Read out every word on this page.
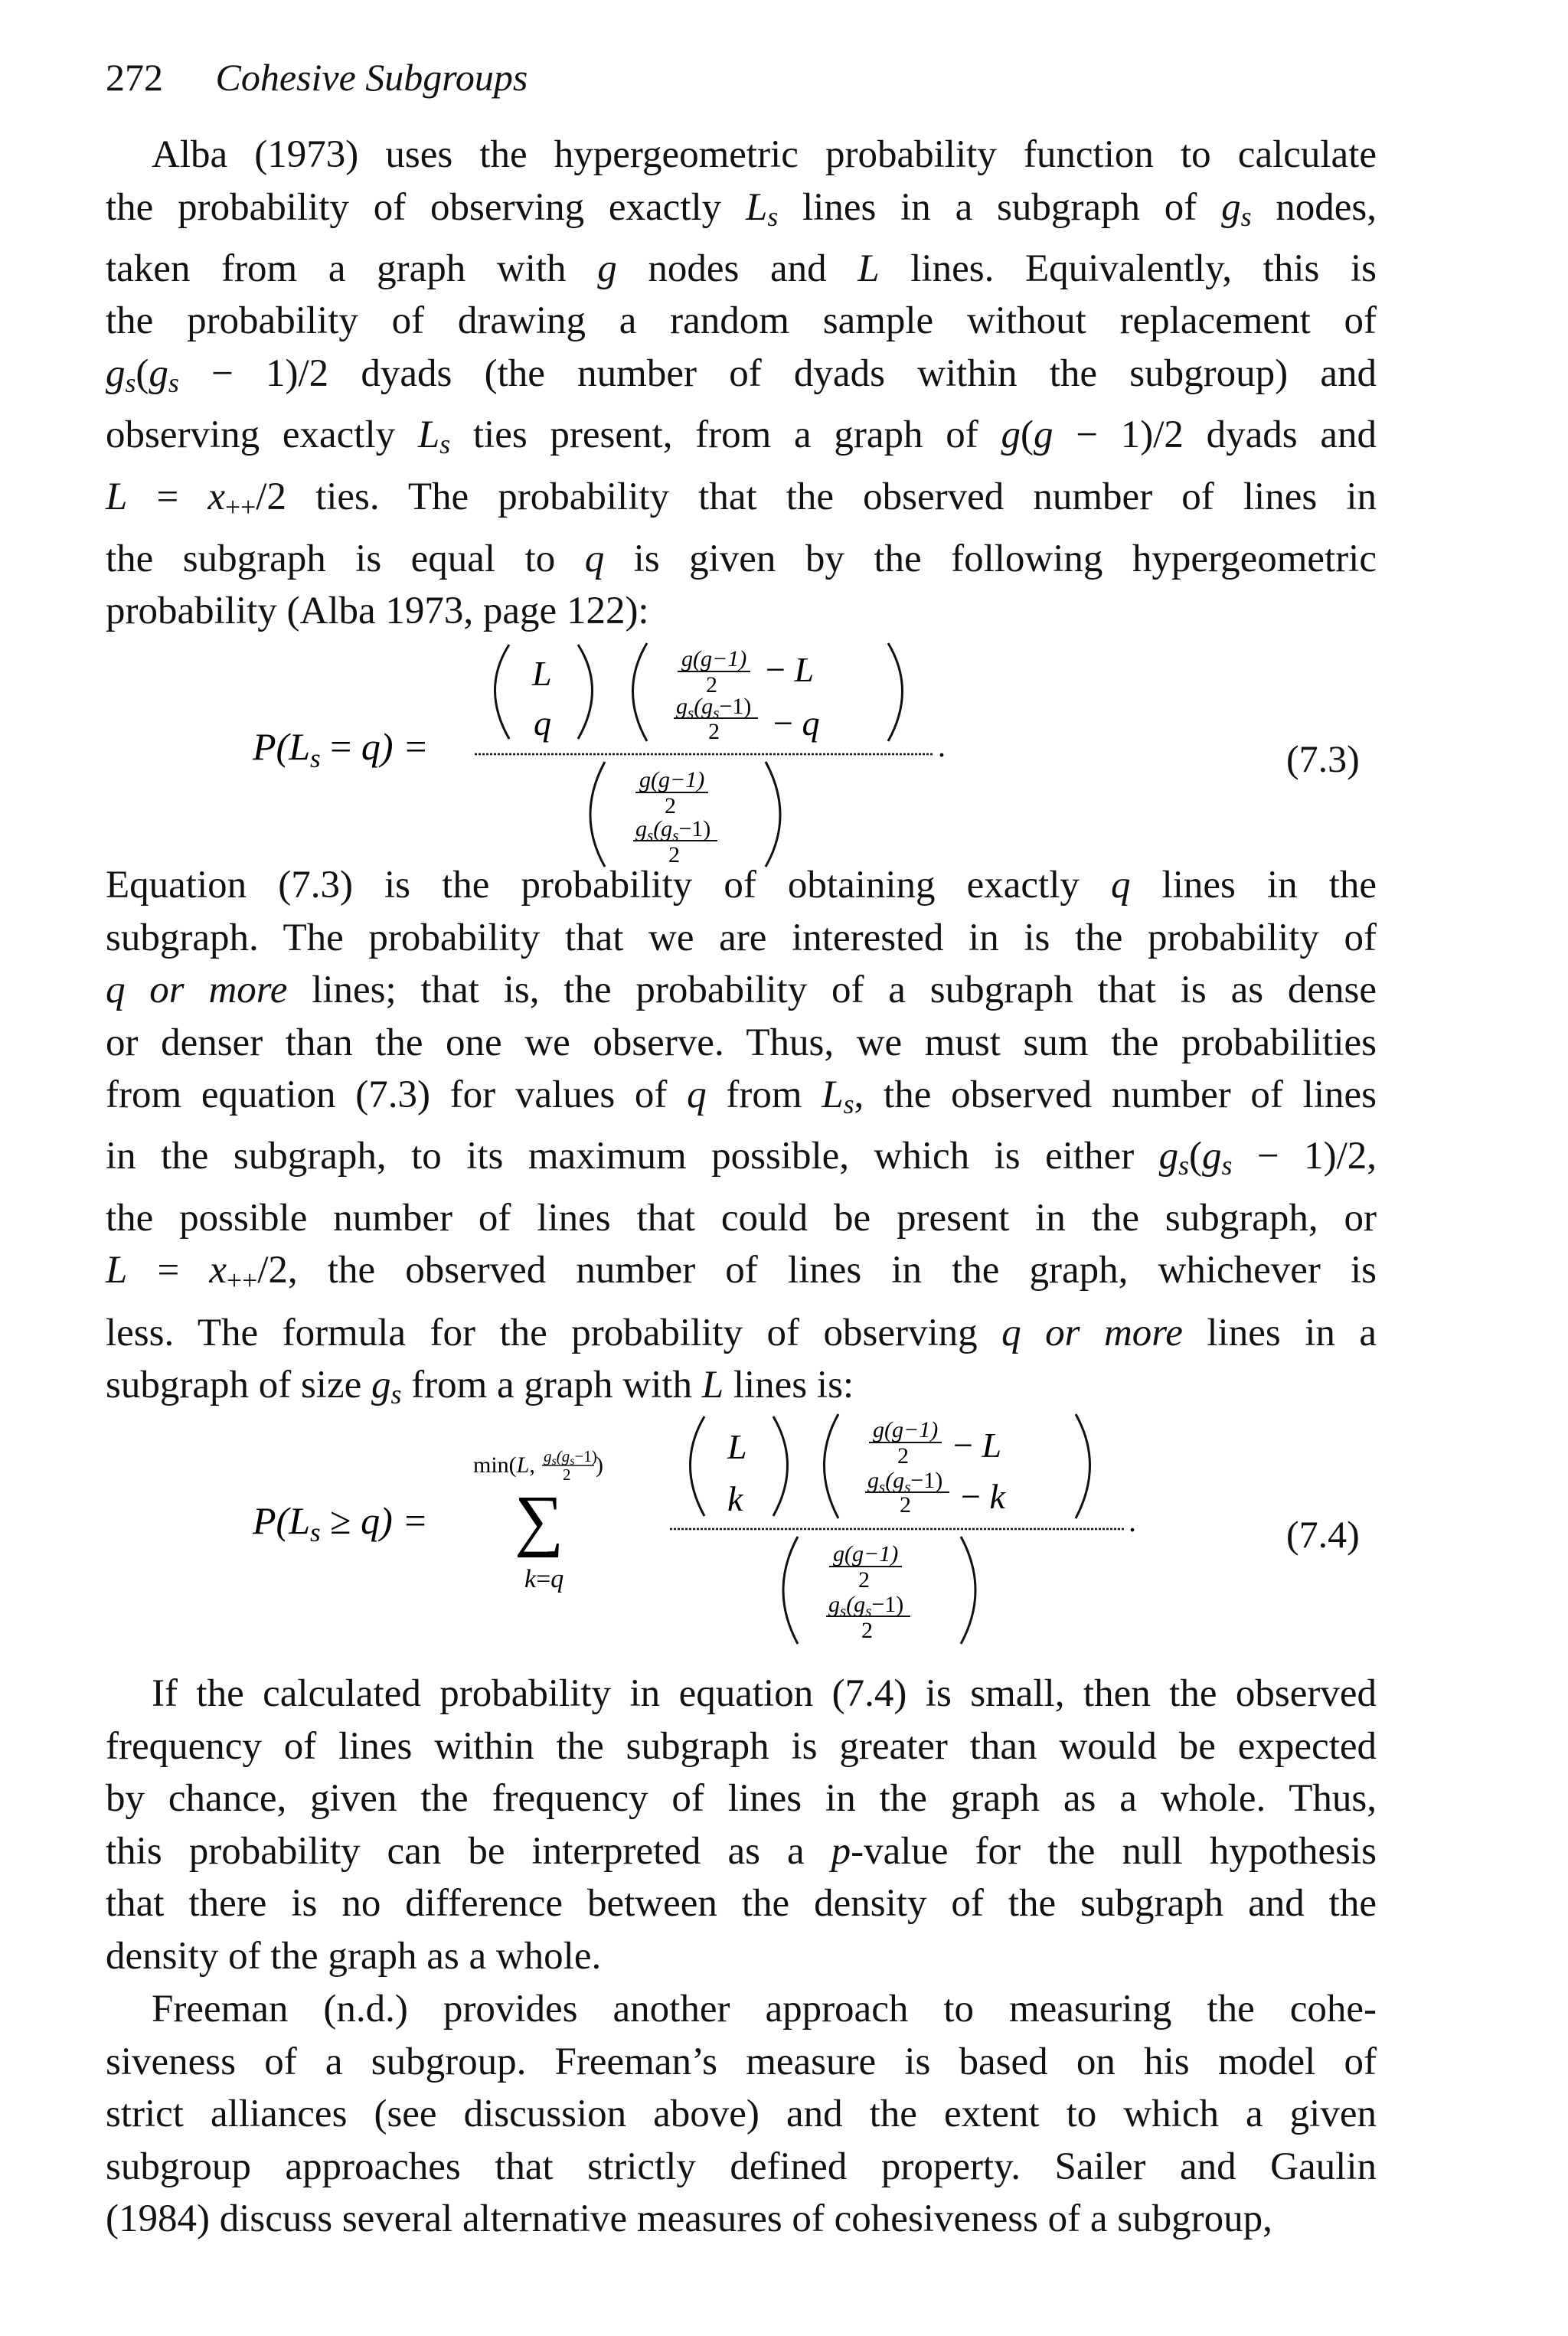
272 Cohesive Subgroups
Alba (1973) uses the hypergeometric probability function to calculate
the probability of observing exactly $L_s$ lines in a subgraph of $g_s$ nodes,
taken from a graph with g nodes and L lines. Equivalently, this is
the probability of drawing a random sample without replacement of
$g_s(g_s - 1)/2$ dyads (the number of dyads within the subgroup) and
observing exactly $L_s$ ties present, from a graph of g(g − 1)/2 dyads and
L = x++/2 ties. The probability that the observed number of lines in
the subgraph is equal to q is given by the following hypergeometric
probability (Alba 1973, page 122):
$P(L_s = q)$ =
L
q
g(g−1)
2 − L
$g_s(g_s-1)$
2 − q
.
g(g−1)
2
$g_s(g_s-1)$
2
(7.3)
Equation (7.3) is the probability of obtaining exactly q lines in the
subgraph. The probability that we are interested in is the probability of
q or more lines; that is, the probability of a subgraph that is as dense
or denser than the one we observe. Thus, we must sum the probabilities
from equation (7.3) for values of q from $L_s$, the observed number of lines
in the subgraph, to its maximum possible, which is either $g_s(g_s - 1)/2$,
the possible number of lines that could be present in the subgraph, or
L = x++/2, the observed number of lines in the graph, whichever is
less. The formula for the probability of observing q or more lines in a
subgraph of size $g_s$ from a graph with L lines is:
$P(L_s \ge q)$ =
min(L, gs(gs−1)
2 )
∑
k=q
L
k
g(g−1)
2 − L
$g_s(g_s-1)$
2 − k
.
g(g−1)
2
$g_s(g_s-1)$
2
(7.4)
If the calculated probability in equation (7.4) is small, then the observed
frequency of lines within the subgraph is greater than would be expected
by chance, given the frequency of lines in the graph as a whole. Thus,
this probability can be interpreted as a p-value for the null hypothesis
that there is no difference between the density of the subgraph and the
density of the graph as a whole.
Freeman (n.d.) provides another approach to measuring the cohe-
siveness of a subgroup. Freeman’s measure is based on his model of
strict alliances (see discussion above) and the extent to which a given
subgroup approaches that strictly defined property. Sailer and Gaulin
(1984) discuss several alternative measures of cohesiveness of a subgroup,
